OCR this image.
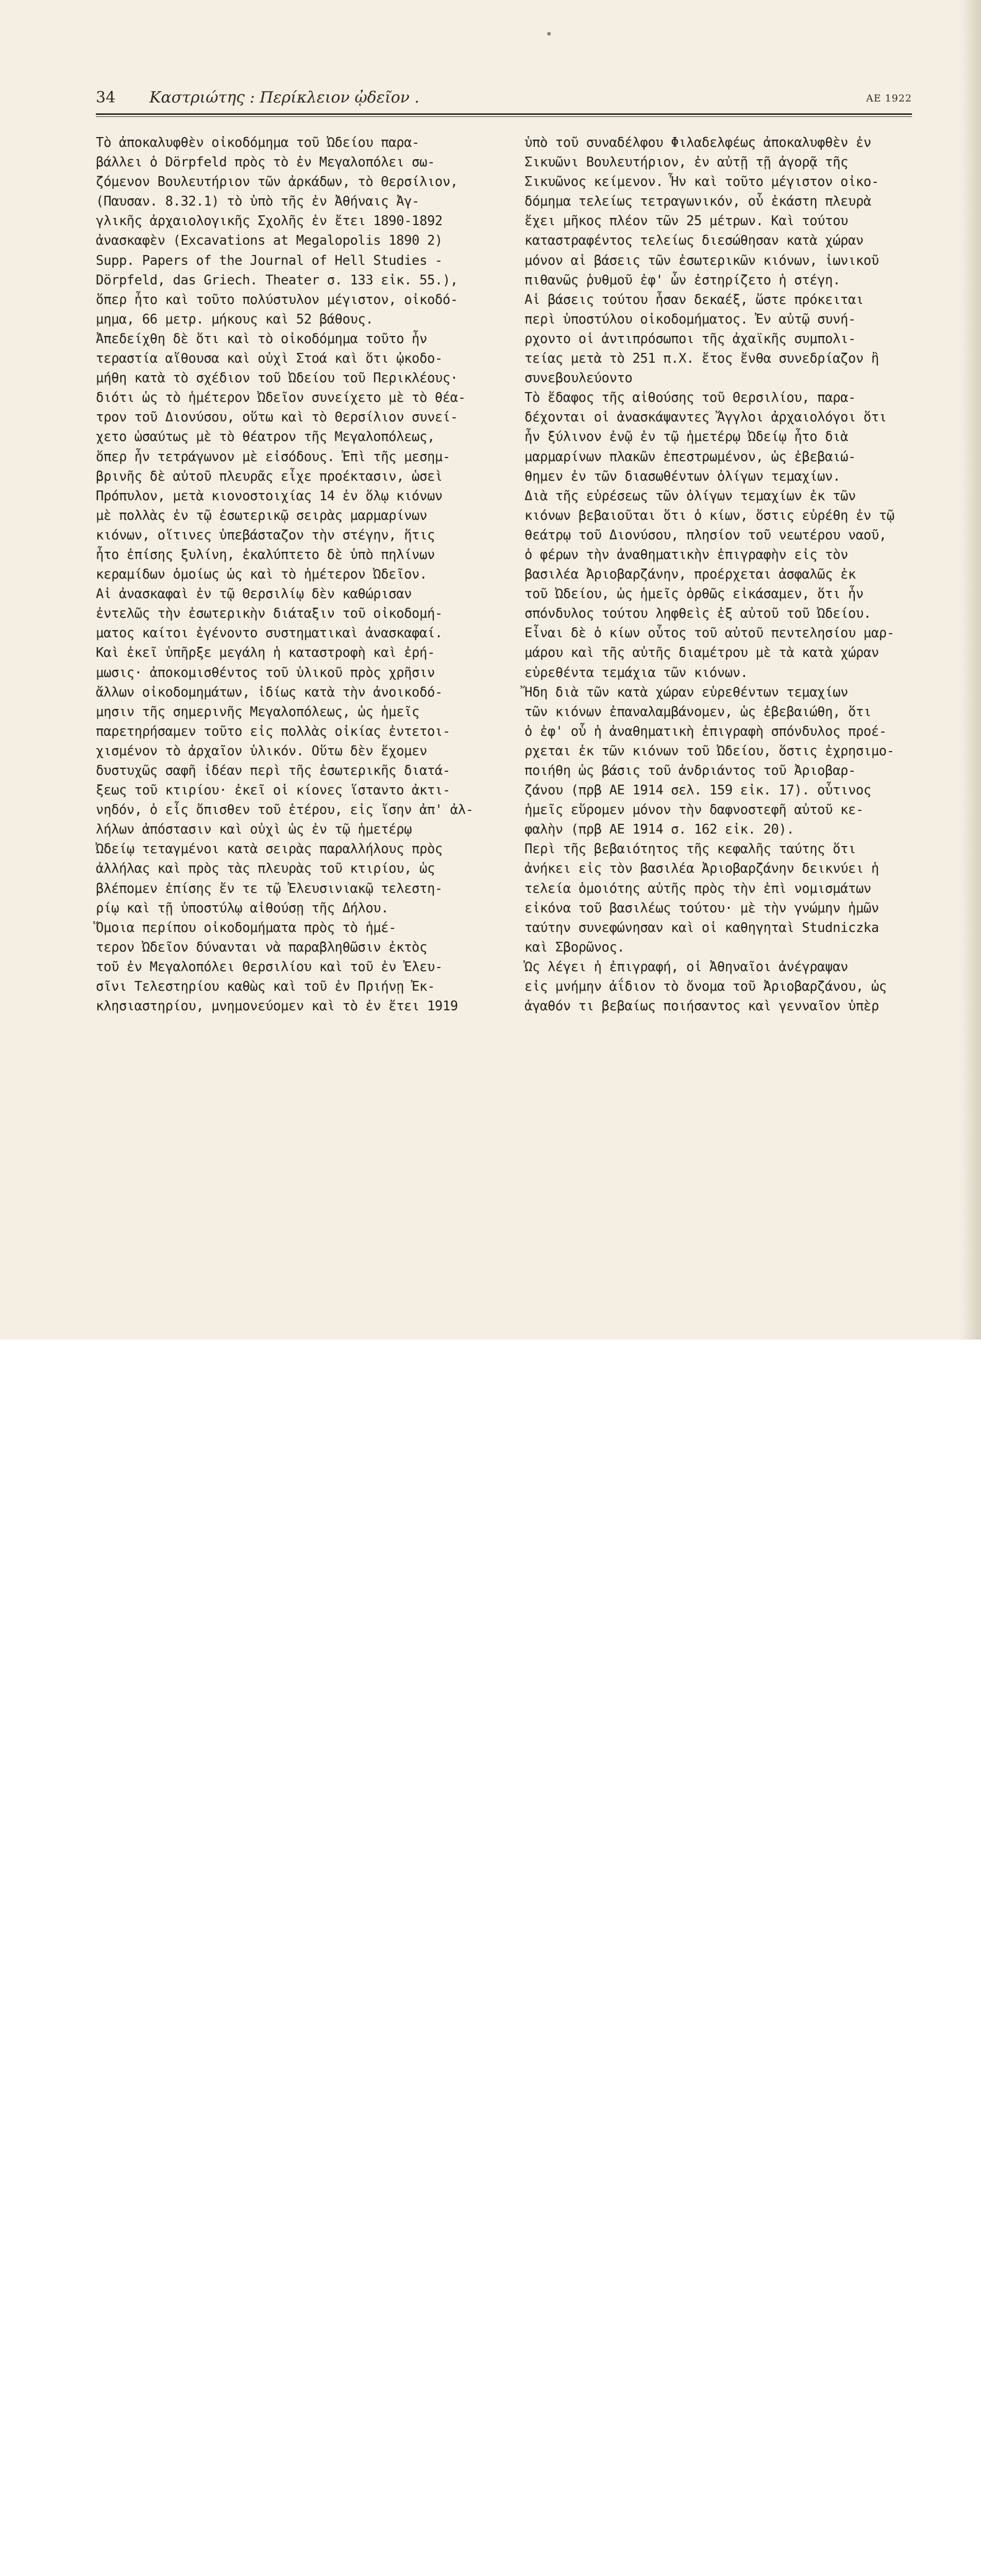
34 Καστριώτης : Περίκλειον ᾠδεῖον .	ΑΕ 1922
Τὸ ἀποκαλυφθὲν οἰκοδόμημα τοῦ Ὠδείου παρα-
βάλλει ὁ Dörpfeld πρὸς τὸ ἐν Μεγαλοπόλει σω-
ζόμενον Βουλευτήριον τῶν ἀρκάδων, τὸ Θερσίλιον,
(Παυσαν. 8.32.1) τὸ ὑπὸ τῆς ἐν Ἀθήναις Ἀγ-
γλικῆς ἀρχαιολογικῆς Σχολῆς ἐν ἔτει 1890-1892
ἀνασκαφὲν (Excavations at Megalopolis 1890 2)
Supp. Papers of the Journal of Hell Studies -
Dörpfeld, das Griech. Theater σ. 133 εἰκ. 55.),
ὅπερ ἦτο καὶ τοῦτο πολύστυλον μέγιστον, οἰκοδό-
μημα, 66 μετρ. μήκους καὶ 52 βάθους.
Ἀπεδείχθη δὲ ὅτι καὶ τὸ οἰκοδόμημα τοῦτο ἦν
τεραστία αἴθουσα καὶ οὐχὶ Στοά καὶ ὅτι ᾠκοδο-
μήθη κατὰ τὸ σχέδιον τοῦ Ὠδείου τοῦ Περικλέους·
διότι ὡς τὸ ἡμέτερον Ὠδεῖον συνείχετο μὲ τὸ θέα-
τρον τοῦ Διονύσου, οὕτω καὶ τὸ Θερσίλιον συνεί-
χετο ὡσαύτως μὲ τὸ θέατρον τῆς Μεγαλοπόλεως,
ὅπερ ἦν τετράγωνον μὲ εἰσόδους. Ἐπὶ τῆς μεσημ-
βρινῆς δὲ αὐτοῦ πλευρᾶς εἶχε προέκτασιν, ὡσεὶ
Πρόπυλον, μετὰ κιονοστοιχίας 14 ἐν ὅλῳ κιόνων
μὲ πολλὰς ἐν τῷ ἐσωτερικῷ σειρὰς μαρμαρίνων
κιόνων, οἵτινες ὑπεβάσταζον τὴν στέγην, ἥτις
ἦτο ἐπίσης ξυλίνη, ἐκαλύπτετο δὲ ὑπὸ πηλίνων
κεραμίδων ὁμοίως ὡς καὶ τὸ ἡμέτερον Ὠδεῖον.
Αἱ ἀνασκαφαὶ ἐν τῷ Θερσιλίῳ δὲν καθώρισαν
ἐντελῶς τὴν ἐσωτερικὴν διάταξιν τοῦ οἰκοδομή-
ματος καίτοι ἐγένοντο συστηματικαὶ ἀνασκαφαί.
Καὶ ἐκεῖ ὑπῆρξε μεγάλη ἡ καταστροφὴ καὶ ἐρή-
μωσις· ἀποκομισθέντος τοῦ ὑλικοῦ πρὸς χρῆσιν
ἄλλων οἰκοδομημάτων, ἰδίως κατὰ τὴν ἀνοικοδό-
μησιν τῆς σημερινῆς Μεγαλοπόλεως, ὡς ἡμεῖς
παρετηρήσαμεν τοῦτο εἰς πολλὰς οἰκίας ἐντετοι-
χισμένον τὸ ἀρχαῖον ὑλικόν. Οὕτω δὲν ἔχομεν
δυστυχῶς σαφῆ ἰδέαν περὶ τῆς ἐσωτερικῆς διατά-
ξεως τοῦ κτιρίου· ἐκεῖ οἱ κίονες ἵσταντο ἀκτι-
νηδόν, ὁ εἷς ὄπισθεν τοῦ ἑτέρου, εἰς ἴσην ἀπ' ἀλ-
λήλων ἀπόστασιν καὶ οὐχὶ ὡς ἐν τῷ ἡμετέρῳ
Ὠδείῳ τεταγμένοι κατὰ σειρὰς παραλλήλους πρὸς
ἀλλήλας καὶ πρὸς τὰς πλευρὰς τοῦ κτιρίου, ὡς
βλέπομεν ἐπίσης ἔν τε τῷ Ἐλευσινιακῷ τελεστη-
ρίῳ καὶ τῇ ὑποστύλῳ αἰθούσῃ τῆς Δήλου.
Ὅμοια περίπου οἰκοδομήματα πρὸς τὸ ἡμέ-
τερον Ὠδεῖον δύνανται νὰ παραβληθῶσιν ἐκτὸς
τοῦ ἐν Μεγαλοπόλει Θερσιλίου καὶ τοῦ ἐν Ἐλευ-
σῖνι Τελεστηρίου καθὼς καὶ τοῦ ἐν Πριήνῃ Ἐκ-
κλησιαστηρίου, μνημονεύομεν καὶ τὸ ἐν ἔτει 1919
ὑπὸ τοῦ συναδέλφου Φιλαδελφέως ἀποκαλυφθὲν ἐν
Σικυῶνι Βουλευτήριον, ἐν αὐτῇ τῇ ἀγορᾷ τῆς
Σικυῶνος κείμενον. Ἦν καὶ τοῦτο μέγιστον οἰκο-
δόμημα τελείως τετραγωνικόν, οὗ ἑκάστη πλευρὰ
ἔχει μῆκος πλέον τῶν 25 μέτρων. Καὶ τούτου
καταστραφέντος τελείως διεσώθησαν κατὰ χώραν
μόνον αἱ βάσεις τῶν ἐσωτερικῶν κιόνων, ἰωνικοῦ
πιθανῶς ῥυθμοῦ ἐφ' ὧν ἐστηρίζετο ἡ στέγη.
Αἱ βάσεις τούτου ἦσαν δεκαέξ, ὥστε πρόκειται
περὶ ὑποστύλου οἰκοδομήματος. Ἐν αὐτῷ συνή-
ρχοντο οἱ ἀντιπρόσωποι τῆς ἀχαϊκῆς συμπολι-
τείας μετὰ τὸ 251 π.Χ. ἔτος ἔνθα συνεδρίαζον ἢ
συνεβουλεύοντο
Τὸ ἔδαφος τῆς αἰθούσης τοῦ Θερσιλίου, παρα-
δέχονται οἱ ἀνασκάψαντες Ἄγγλοι ἀρχαιολόγοι ὅτι
ἦν ξύλινον ἐνῷ ἐν τῷ ἡμετέρῳ Ὠδείῳ ἦτο διὰ
μαρμαρίνων πλακῶν ἐπεστρωμένον, ὡς ἐβεβαιώ-
θημεν ἐν τῶν διασωθέντων ὀλίγων τεμαχίων.
Διὰ τῆς εὑρέσεως τῶν ὀλίγων τεμαχίων ἐκ τῶν
κιόνων βεβαιοῦται ὅτι ὁ κίων, ὅστις εὑρέθη ἐν τῷ
θεάτρῳ τοῦ Διονύσου, πλησίον τοῦ νεωτέρου ναοῦ,
ὁ φέρων τὴν ἀναθηματικὴν ἐπιγραφὴν εἰς τὸν
βασιλέα Ἀριοβαρζάνην, προέρχεται ἀσφαλῶς ἐκ
τοῦ Ὠδείου, ὡς ἡμεῖς ὀρθῶς εἰκάσαμεν, ὅτι ἦν
σπόνδυλος τούτου ληφθεὶς ἐξ αὐτοῦ τοῦ Ὠδείου.
Εἶναι δὲ ὁ κίων οὗτος τοῦ αὐτοῦ πεντελησίου μαρ-
μάρου καὶ τῆς αὐτῆς διαμέτρου μὲ τὰ κατὰ χώραν
εὑρεθέντα τεμάχια τῶν κιόνων.
Ἤδη διὰ τῶν κατὰ χώραν εὑρεθέντων τεμαχίων
τῶν κιόνων ἐπαναλαμβάνομεν, ὡς ἐβεβαιώθη, ὅτι
ὁ ἐφ' οὗ ἡ ἀναθηματικὴ ἐπιγραφὴ σπόνδυλος προέ-
ρχεται ἐκ τῶν κιόνων τοῦ Ὠδείου, ὅστις ἐχρησιμο-
ποιήθη ὡς βάσις τοῦ ἀνδριάντος τοῦ Ἀριοβαρ-
ζάνου (πρβ ΑΕ 1914 σελ. 159 εἰκ. 17). οὗτινος
ἡμεῖς εὕρομεν μόνον τὴν δαφνοστεφῆ αὐτοῦ κε-
φαλὴν (πρβ ΑΕ 1914 σ. 162 εἰκ. 20).
Περὶ τῆς βεβαιότητος τῆς κεφαλῆς ταύτης ὅτι
ἀνήκει εἰς τὸν βασιλέα Ἀριοβαρζάνην δεικνύει ἡ
τελεία ὁμοιότης αὐτῆς πρὸς τὴν ἐπὶ νομισμάτων
εἰκόνα τοῦ βασιλέως τούτου· μὲ τὴν γνώμην ἡμῶν
ταύτην συνεφώνησαν καὶ οἱ καθηγηταὶ Studniczka
καὶ Σβορῶνος.
Ὡς λέγει ἡ ἐπιγραφή, οἱ Ἀθηναῖοι ἀνέγραψαν
εἰς μνήμην ἀΐδιον τὸ ὄνομα τοῦ Ἀριοβαρζάνου, ὡς
ἀγαθόν τι βεβαίως ποιήσαντος καὶ γενναῖον ὑπὲρ
